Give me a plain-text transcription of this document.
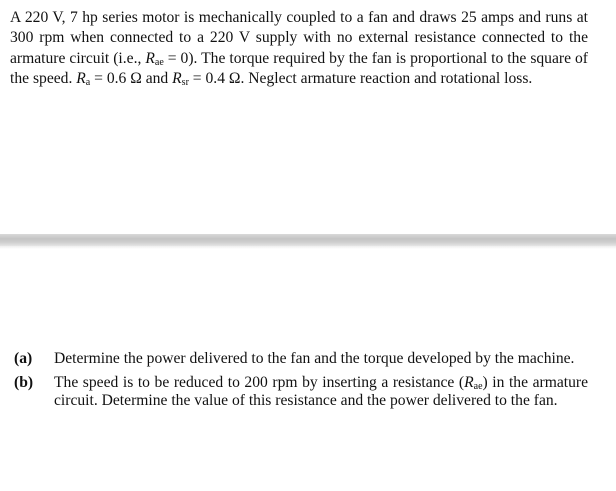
A 220 V, 7 hp series motor is mechanically coupled to a fan and draws 25 amps and runs at 300 rpm when connected to a 220 V supply with no external resistance connected to the armature circuit (i.e., $R_{ae} = 0$). The torque required by the fan is proportional to the square of the speed. $R_a = 0.6$ Ω and $R_{sr} = 0.4$ Ω. Neglect armature reaction and rotational loss.
(a)	Determine the power delivered to the fan and the torque developed by the machine.
(b)	The speed is to be reduced to 200 rpm by inserting a resistance $(R_{ae})$ in the armature circuit. Determine the value of this resistance and the power delivered to the fan.
